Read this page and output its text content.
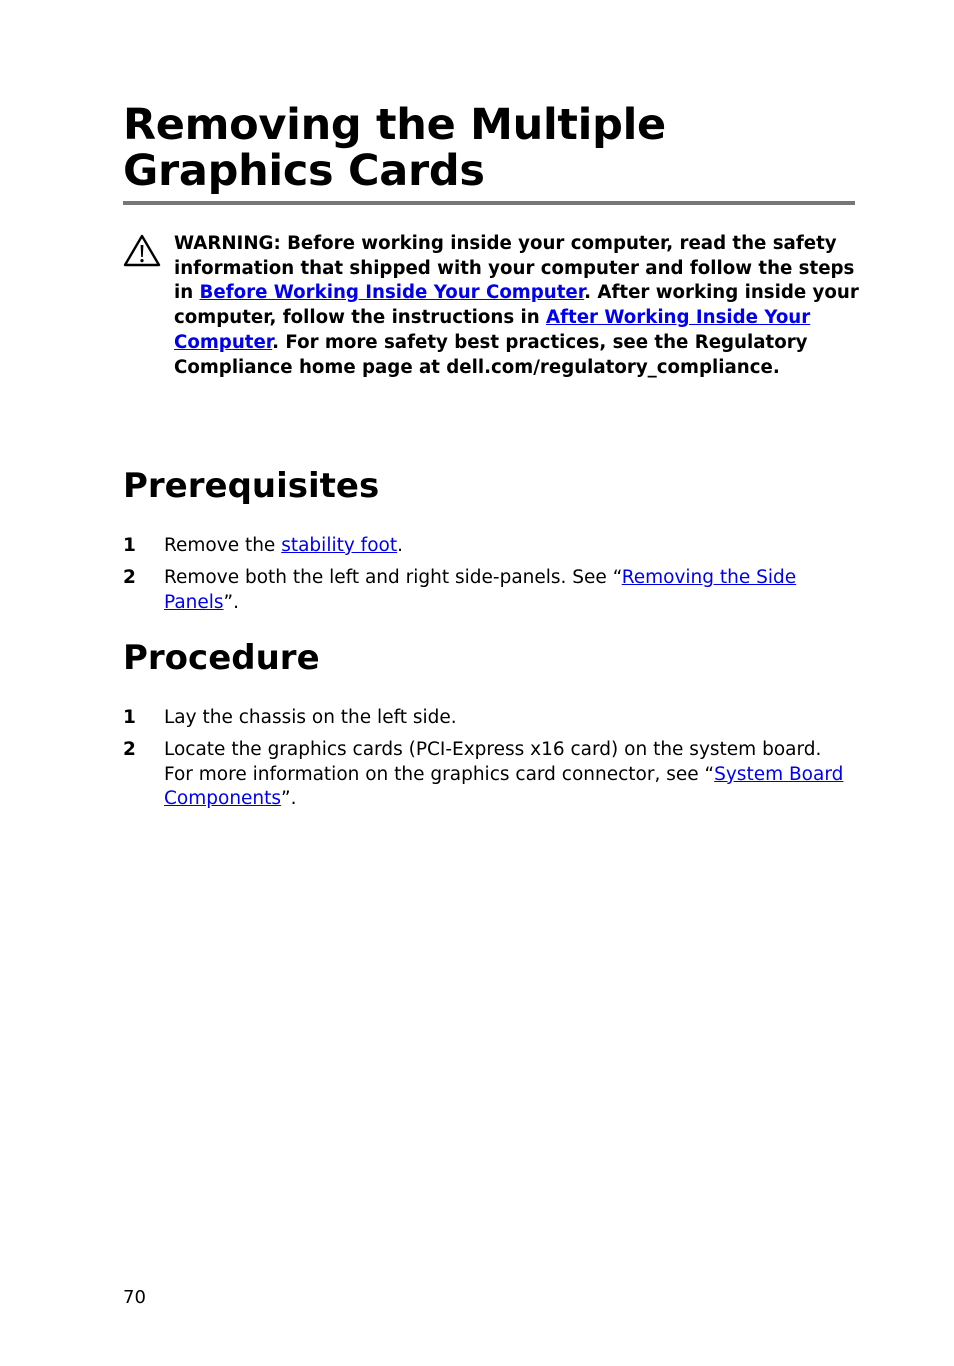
Removing the Multiple Graphics Cards
WARNING: Before working inside your computer, read the safety information that shipped with your computer and follow the steps in Before Working Inside Your Computer. After working inside your computer, follow the instructions in After Working Inside Your Computer. For more safety best practices, see the Regulatory Compliance home page at dell.com/regulatory_compliance.
Prerequisites
1 Remove the stability foot.
2 Remove both the left and right side-panels. See “Removing the Side Panels”.
Procedure
1 Lay the chassis on the left side.
2 Locate the graphics cards (PCI-Express x16 card) on the system board. For more information on the graphics card connector, see “System Board Components”.
70
